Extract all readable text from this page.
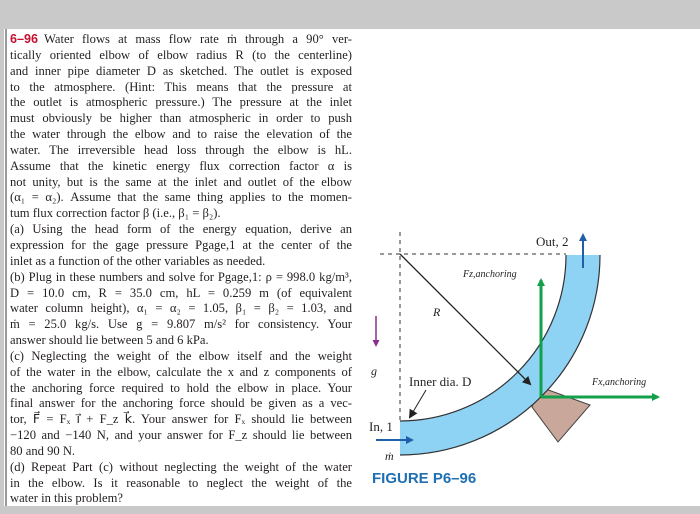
6–96 Water flows at mass flow rate ṁ through a 90° ver-
tically oriented elbow of elbow radius R (to the centerline)
and inner pipe diameter D as sketched. The outlet is exposed
to the atmosphere. (Hint: This means that the pressure at
the outlet is atmospheric pressure.) The pressure at the inlet
must obviously be higher than atmospheric in order to push
the water through the elbow and to raise the elevation of the
water. The irreversible head loss through the elbow is hL.
Assume that the kinetic energy flux correction factor α is
not unity, but is the same at the inlet and outlet of the elbow
(α₁ = α₂). Assume that the same thing applies to the momen-
tum flux correction factor β (i.e., β₁ = β₂).
(a) Using the head form of the energy equation, derive an
expression for the gage pressure Pgage,1 at the center of the
inlet as a function of the other variables as needed.
(b) Plug in these numbers and solve for Pgage,1: ρ = 998.0 kg/m³,
D = 10.0 cm, R = 35.0 cm, hL = 0.259 m (of equivalent
water column height), α₁ = α₂ = 1.05, β₁ = β₂ = 1.03, and
ṁ = 25.0 kg/s. Use g = 9.807 m/s² for consistency. Your
answer should lie between 5 and 6 kPa.
(c) Neglecting the weight of the elbow itself and the weight
of the water in the elbow, calculate the x and z components of
the anchoring force required to hold the elbow in place. Your
final answer for the anchoring force should be given as a vec-
tor, F⃗ = Fₓ i⃗ + F_z k⃗. Your answer for Fₓ should lie between
−120 and −140 N, and your answer for F_z should lie between
80 and 90 N.
(d) Repeat Part (c) without neglecting the weight of the water
in the elbow. Is it reasonable to neglect the weight of the
water in this problem?
Out, 2
Fz,anchoring
R
g⃗
Inner dia. D	Fx,anchoring
In, 1
ṁ
FIGURE P6–96
